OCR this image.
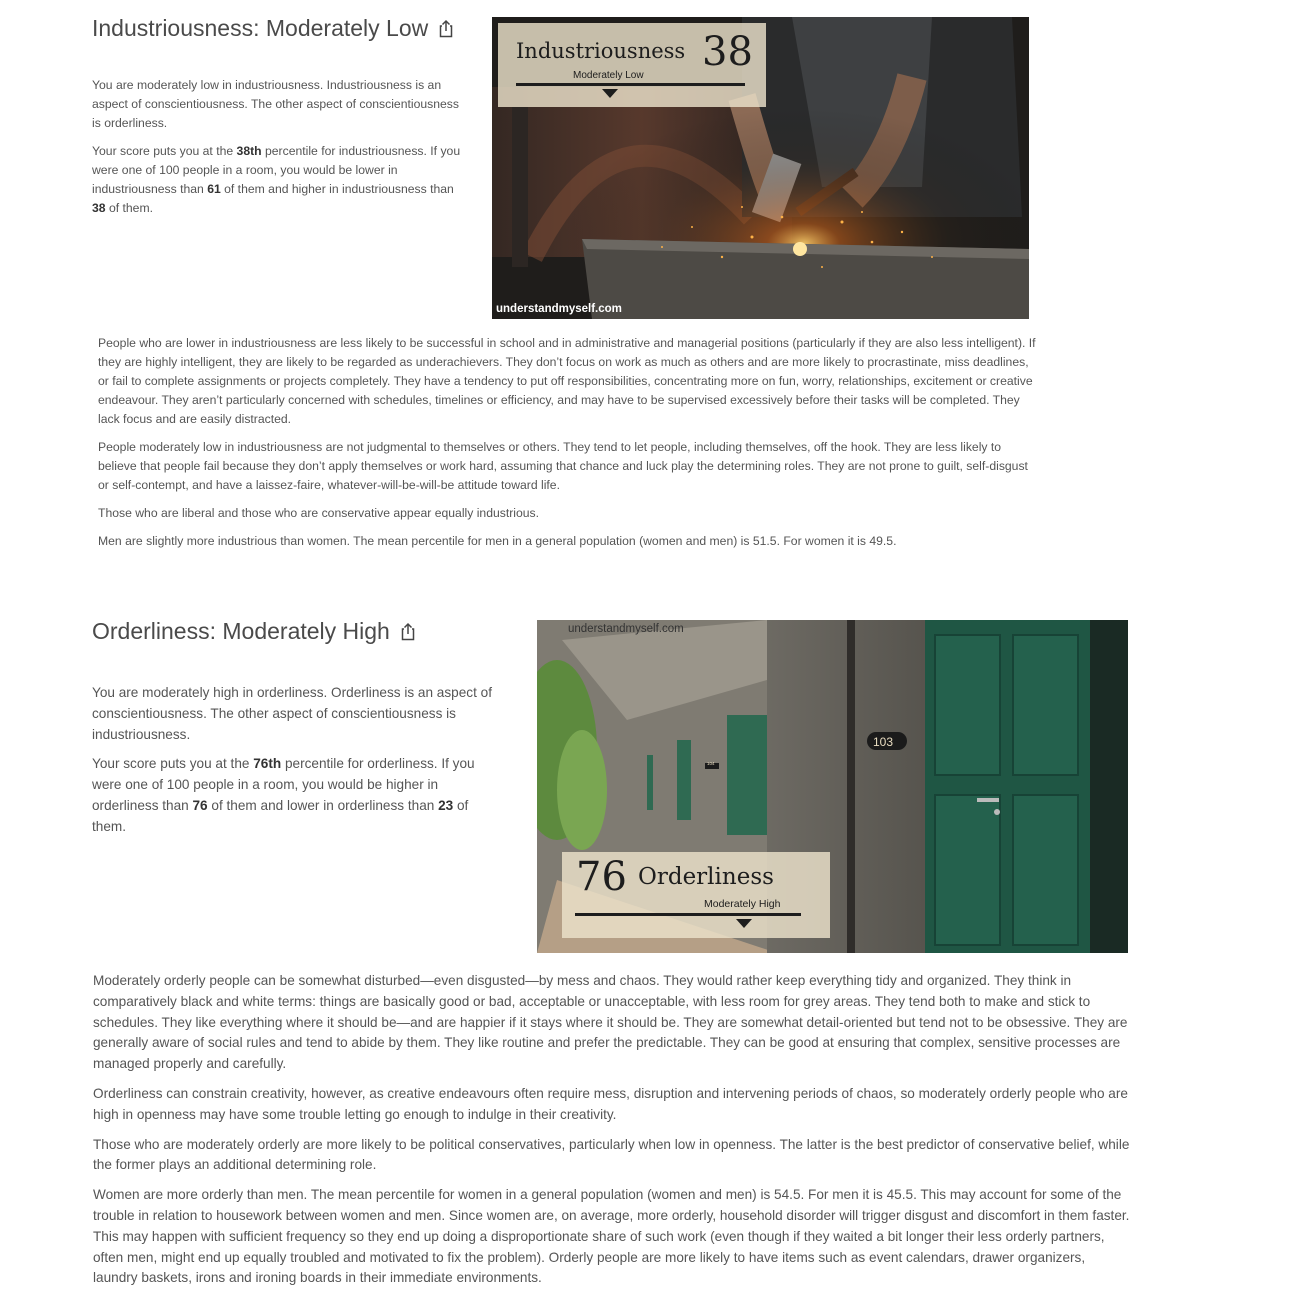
Industriousness: Moderately Low

You are moderately low in industriousness. Industriousness is an aspect of conscientiousness. The other aspect of conscientiousness is orderliness.

Your score puts you at the 38th percentile for industriousness. If you were one of 100 people in a room, you would be lower in industriousness than 61 of them and higher in industriousness than 38 of them.

Industriousness 38
Moderately Low
understandmyself.com

People who are lower in industriousness are less likely to be successful in school and in administrative and managerial positions (particularly if they are also less intelligent). If they are highly intelligent, they are likely to be regarded as underachievers. They don’t focus on work as much as others and are more likely to procrastinate, miss deadlines, or fail to complete assignments or projects completely. They have a tendency to put off responsibilities, concentrating more on fun, worry, relationships, excitement or creative endeavour. They aren’t particularly concerned with schedules, timelines or efficiency, and may have to be supervised excessively before their tasks will be completed. They lack focus and are easily distracted.

People moderately low in industriousness are not judgmental to themselves or others. They tend to let people, including themselves, off the hook. They are less likely to believe that people fail because they don’t apply themselves or work hard, assuming that chance and luck play the determining roles. They are not prone to guilt, self-disgust or self-contempt, and have a laissez-faire, whatever-will-be-will-be attitude toward life.

Those who are liberal and those who are conservative appear equally industrious.

Men are slightly more industrious than women. The mean percentile for men in a general population (women and men) is 51.5. For women it is 49.5.

Orderliness: Moderately High

You are moderately high in orderliness. Orderliness is an aspect of conscientiousness. The other aspect of conscientiousness is industriousness.

Your score puts you at the 76th percentile for orderliness. If you were one of 100 people in a room, you would be higher in orderliness than 76 of them and lower in orderliness than 23 of them.

103
104
understandmyself.com
76 Orderliness
Moderately High

Moderately orderly people can be somewhat disturbed—even disgusted—by mess and chaos. They would rather keep everything tidy and organized. They think in comparatively black and white terms: things are basically good or bad, acceptable or unacceptable, with less room for grey areas. They tend both to make and stick to schedules. They like everything where it should be—and are happier if it stays where it should be. They are somewhat detail-oriented but tend not to be obsessive. They are generally aware of social rules and tend to abide by them. They like routine and prefer the predictable. They can be good at ensuring that complex, sensitive processes are managed properly and carefully.

Orderliness can constrain creativity, however, as creative endeavours often require mess, disruption and intervening periods of chaos, so moderately orderly people who are high in openness may have some trouble letting go enough to indulge in their creativity.

Those who are moderately orderly are more likely to be political conservatives, particularly when low in openness. The latter is the best predictor of conservative belief, while the former plays an additional determining role.

Women are more orderly than men. The mean percentile for women in a general population (women and men) is 54.5. For men it is 45.5. This may account for some of the trouble in relation to housework between women and men. Since women are, on average, more orderly, household disorder will trigger disgust and discomfort in them faster. This may happen with sufficient frequency so they end up doing a disproportionate share of such work (even though if they waited a bit longer their less orderly partners, often men, might end up equally troubled and motivated to fix the problem). Orderly people are more likely to have items such as event calendars, drawer organizers, laundry baskets, irons and ironing boards in their immediate environments.
